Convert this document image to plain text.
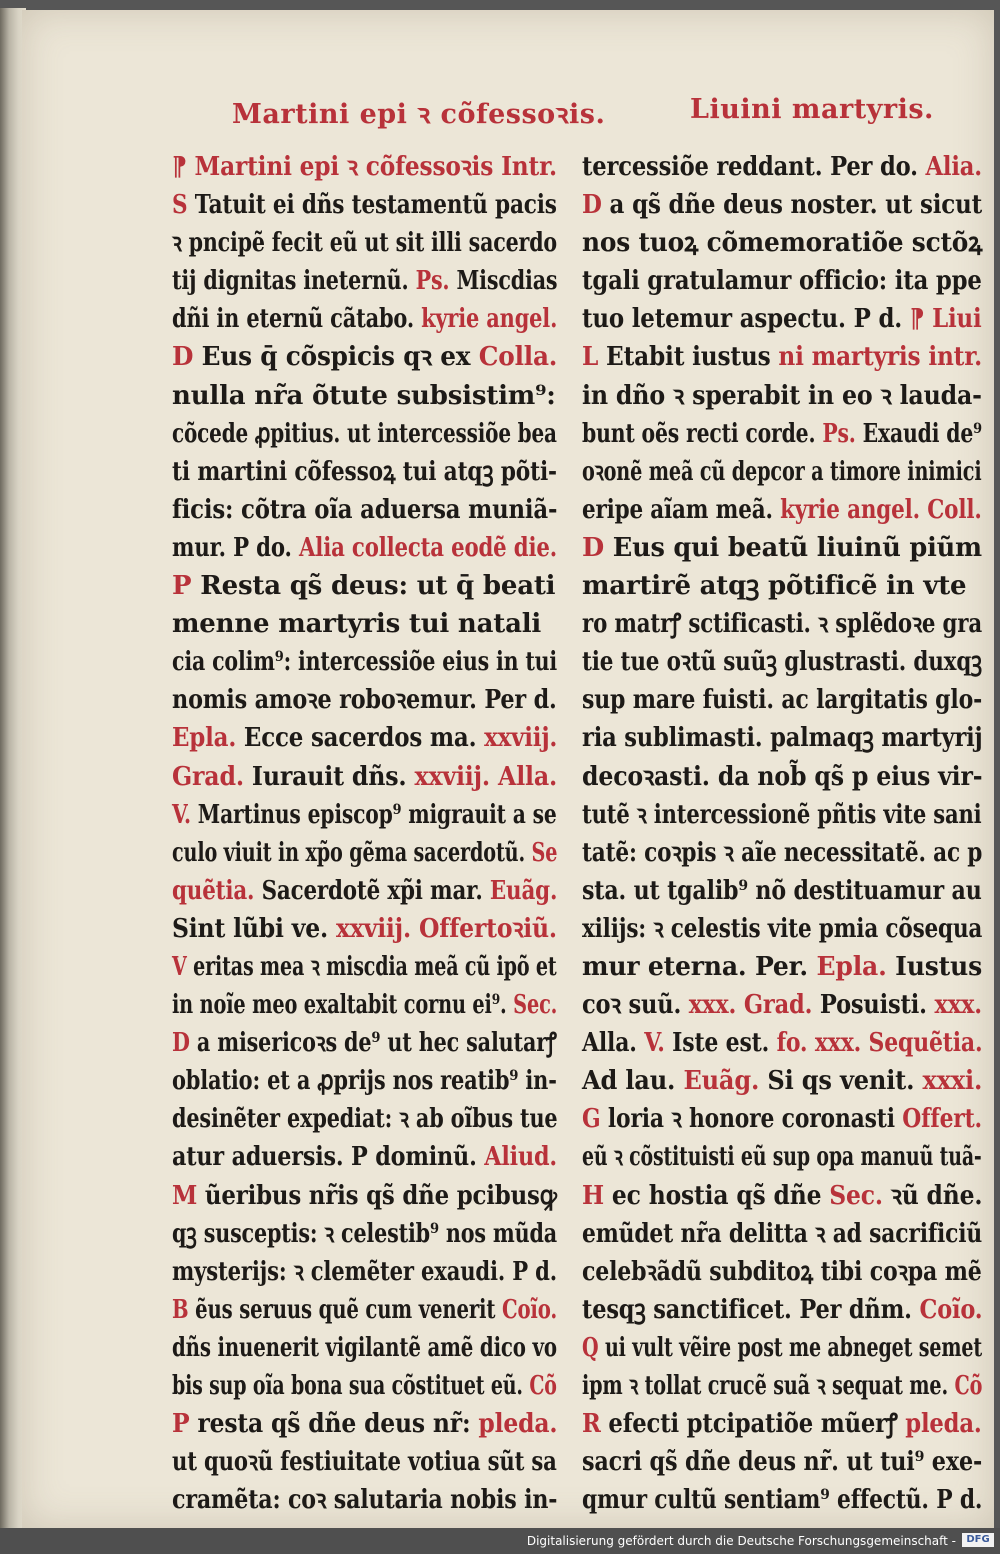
Martini epi ꝛ cõfessoꝛis.	Liuini martyris.
⁋ Martini epi ꝛ cõfessoꝛis Intr.
S Tatuit ei dñs testamentũ pacis
ꝛ pncipẽ fecit eũ ut sit illi sacerdo
tij dignitas ineternũ. Ps. Miscdias
dñi in eternũ cãtabo. kyrie angel.
D Eus q̄ cõspicis qꝛ ex Colla.
nulla nr̃a õtute subsistim⁹:
cõcede ꝓpitius. ut intercessiõe bea
ti martini cõfessoꝝ tui atqꝫ põti-
ficis: cõtra oĩa aduersa muniã-
mur. P do. Alia collecta eodẽ die.
P Resta qs̃ deus: ut q̄ beati
menne martyris tui natali
cia colim⁹: intercessiõe eius in tui
nomis amoꝛe roboꝛemur. Per d.
Epla. Ecce sacerdos ma. xxviij.
Grad. Iurauit dñs. xxviij. Alla.
V. Martinus episcop⁹ migrauit a se
culo viuit in xp̃o gẽma sacerdotũ. Se
quẽtia. Sacerdotẽ xp̃i mar. Euãg.
Sint lũbi ve. xxviij. Offertoꝛiũ.
V eritas mea ꝛ miscdia meã cũ ipõ et
in noĩe meo exaltabit cornu ei⁹. Sec.
D a misericoꝛs de⁹ ut hec salutarꝭ
oblatio: et a ꝓprijs nos reatib⁹ in-
desinẽter expediat: ꝛ ab oĩbus tue
atur aduersis. P dominũ. Aliud.
M ũeribus nr̃is qs̃ dñe pcibusꝙ
qꝫ susceptis: ꝛ celestib⁹ nos mũda
mysterijs: ꝛ clemẽter exaudi. P d.
B ẽus seruus quẽ cum venerit Coĩo.
dñs inuenerit vigilantẽ amẽ dico vo
bis sup oĩa bona sua cõstituet eũ. Cõ
P resta qs̃ dñe deus nr̃: pleda.
ut quoꝛũ festiuitate votiua sũt sa
cramẽta: coꝛ salutaria nobis in-
tercessiõe reddant. Per do. Alia.
D a qs̃ dñe deus noster. ut sicut
nos tuoꝝ cõmemoratiõe sctõꝝ
tgali gratulamur officio: ita ppe
tuo letemur aspectu. P d. ⁋ Liui
L Etabit iustus ni martyris intr.
in dño ꝛ sperabit in eo ꝛ lauda-
bunt oẽs recti corde. Ps. Exaudi de⁹
oꝛonẽ meã cũ depcor a timore inimici
eripe aĩam meã. kyrie angel. Coll.
D Eus qui beatũ liuinũ piũm
martirẽ atqꝫ põtificẽ in vte
ro matrꝭ sctificasti. ꝛ splẽdoꝛe gra
tie tue oꝛtũ suũꝫ glustrasti. duxqꝫ
sup mare fuisti. ac largitatis glo-
ria sublimasti. palmaqꝫ martyrij
decoꝛasti. da nob̃ qs̃ p eius vir-
tutẽ ꝛ intercessionẽ pñtis vite sani
tatẽ: coꝛpis ꝛ aĩe necessitatẽ. ac p
sta. ut tgalib⁹ nõ destituamur au
xilijs: ꝛ celestis vite pmia cõsequa
mur eterna. Per. Epla. Iustus
coꝛ suũ. xxx. Grad. Posuisti. xxx.
Alla. V. Iste est. fo. xxx. Sequẽtia.
Ad lau. Euãg. Si qs venit. xxxi.
G loria ꝛ honore coronasti Offert.
eũ ꝛ cõstituisti eũ sup opa manuũ tuã-
H ec hostia qs̃ dñe Sec. ꝛũ dñe.
emũdet nr̃a delitta ꝛ ad sacrificiũ
celebꝛãdũ subditoꝝ tibi coꝛpa mẽ
tesqꝫ sanctificet. Per dñm. Coĩo.
Q ui vult vẽire post me abneget semet
ipm ꝛ tollat crucẽ suã ꝛ sequat me. Cõ
R efecti ptcipatiõe mũerꝭ pleda.
sacri qs̃ dñe deus nr̃. ut tui⁹ exe-
qmur cultũ sentiam⁹ effectũ. P d.
Digitalisierung gefördert durch die Deutsche Forschungsgemeinschaft -	DFG
